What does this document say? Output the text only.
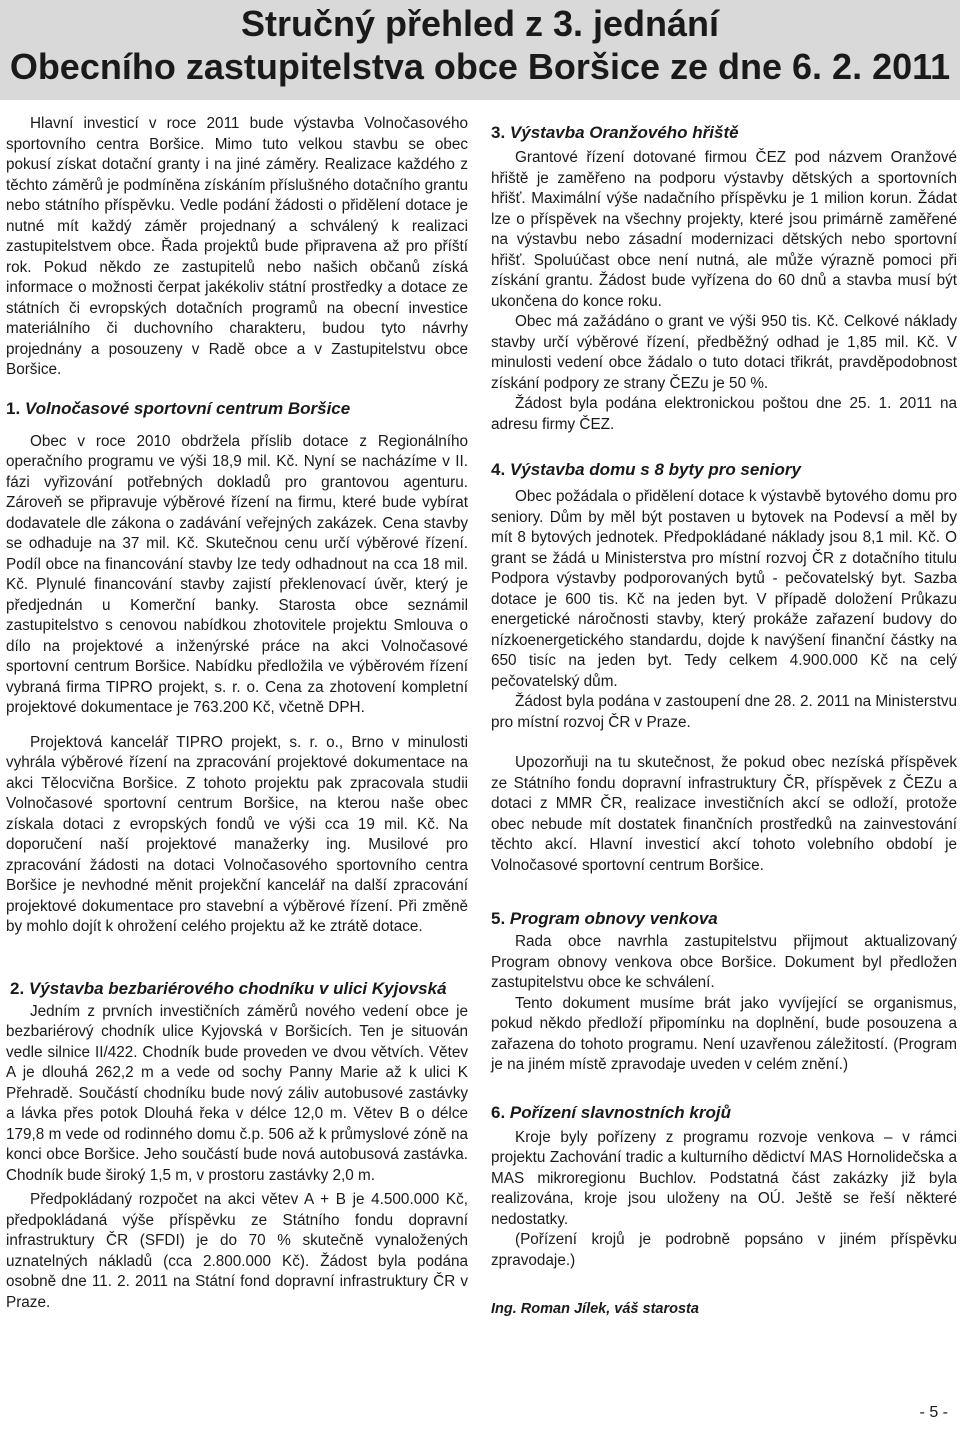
Stručný přehled z 3. jednání
Obecního zastupitelstva obce Boršice ze dne 6. 2. 2011

Hlavní investicí v roce 2011 bude výstavba Volnočasového sportovního centra Boršice. Mimo tuto velkou stavbu se obec pokusí získat dotační granty i na jiné záměry. Realizace každého z těchto záměrů je podmíněna získáním příslušného dotačního grantu nebo státního příspěvku. Vedle podání žádosti o přidělení dotace je nutné mít každý záměr projednaný a schválený k realizaci zastupitelstvem obce. Řada projektů bude připravena až pro příští rok. Pokud někdo ze zastupitelů nebo našich občanů získá informace o možnosti čerpat jakékoliv státní prostředky a dotace ze státních či evropských dotačních programů na obecní investice materiálního či duchovního charakteru, budou tyto návrhy projednány a posouzeny v Radě obce a v Zastupitelstvu obce Boršice.

1. Volnočasové sportovní centrum Boršice

Obec v roce 2010 obdržela příslib dotace z Regionálního operačního programu ve výši 18,9 mil. Kč. Nyní se nacházíme v II. fázi vyřizování potřebných dokladů pro grantovou agenturu. Zároveň se připravuje výběrové řízení na firmu, které bude vybírat dodavatele dle zákona o zadávání veřejných zakázek. Cena stavby se odhaduje na 37 mil. Kč. Skutečnou cenu určí výběrové řízení. Podíl obce na financování stavby lze tedy odhadnout na cca 18 mil. Kč. Plynulé financování stavby zajistí překlenovací úvěr, který je předjednán u Komerční banky. Starosta obce seznámil zastupitelstvo s cenovou nabídkou zhotovitele projektu Smlouva o dílo na projektové a inženýrské práce na akci Volnočasové sportovní centrum Boršice. Nabídku předložila ve výběrovém řízení vybraná firma TIPRO projekt, s. r. o. Cena za zhotovení kompletní projektové dokumentace je 763.200 Kč, včetně DPH.

Projektová kancelář TIPRO projekt, s. r. o., Brno v minulosti vyhrála výběrové řízení na zpracování projektové dokumentace na akci Tělocvična Boršice. Z tohoto projektu pak zpracovala studii Volnočasové sportovní centrum Boršice, na kterou naše obec získala dotaci z evropských fondů ve výši cca 19 mil. Kč. Na doporučení naší projektové manažerky ing. Musilové pro zpracování žádosti na dotaci Volnočasového sportovního centra Boršice je nevhodné měnit projekční kancelář na další zpracování projektové dokumentace pro stavební a výběrové řízení. Při změně by mohlo dojít k ohrožení celého projektu až ke ztrátě dotace.

2. Výstavba bezbariérového chodníku v ulici Kyjovská

Jedním z prvních investičních záměrů nového vedení obce je bezbariérový chodník ulice Kyjovská v Boršicích. Ten je situován vedle silnice II/422. Chodník bude proveden ve dvou větvích. Větev A je dlouhá 262,2 m a vede od sochy Panny Marie až k ulici K Přehradě. Součástí chodníku bude nový záliv autobusové zastávky a lávka přes potok Dlouhá řeka v délce 12,0 m. Větev B o délce 179,8 m vede od rodinného domu č.p. 506 až k průmyslové zóně na konci obce Boršice. Jeho součástí bude nová autobusová zastávka. Chodník bude široký 1,5 m, v prostoru zastávky 2,0 m.

Předpokládaný rozpočet na akci větev A + B je 4.500.000 Kč, předpokládaná výše příspěvku ze Státního fondu dopravní infrastruktury ČR (SFDI) je do 70 % skutečně vynaložených uznatelných nákladů (cca 2.800.000 Kč). Žádost byla podána osobně dne 11. 2. 2011 na Státní fond dopravní infrastruktury ČR v Praze.

3. Výstavba Oranžového hřiště

Grantové řízení dotované firmou ČEZ pod názvem Oranžové hřiště je zaměřeno na podporu výstavby dětských a sportovních hřišť. Maximální výše nadačního příspěvku je 1 milion korun. Žádat lze o příspěvek na všechny projekty, které jsou primárně zaměřené na výstavbu nebo zásadní modernizaci dětských nebo sportovní hřišť. Spoluúčast obce není nutná, ale může výrazně pomoci při získání grantu. Žádost bude vyřízena do 60 dnů a stavba musí být ukončena do konce roku.

Obec má zažádáno o grant ve výši 950 tis. Kč. Celkové náklady stavby určí výběrové řízení, předběžný odhad je 1,85 mil. Kč. V minulosti vedení obce žádalo o tuto dotaci třikrát, pravděpodobnost získání podpory ze strany ČEZu je 50 %.

Žádost byla podána elektronickou poštou dne 25. 1. 2011 na adresu firmy ČEZ.

4. Výstavba domu s 8 byty pro seniory

Obec požádala o přidělení dotace k výstavbě bytového domu pro seniory. Dům by měl být postaven u bytovek na Podevsí a měl by mít 8 bytových jednotek. Předpokládané náklady jsou 8,1 mil. Kč. O grant se žádá u Ministerstva pro místní rozvoj ČR z dotačního titulu Podpora výstavby podporovaných bytů - pečovatelský byt. Sazba dotace je 600 tis. Kč na jeden byt. V případě doložení Průkazu energetické náročnosti stavby, který prokáže zařazení budovy do nízkoenergetického standardu, dojde k navýšení finanční částky na 650 tisíc na jeden byt. Tedy celkem 4.900.000 Kč na celý pečovatelský dům.

Žádost byla podána v zastoupení dne 28. 2. 2011 na Ministerstvu pro místní rozvoj ČR v Praze.

Upozorňuji na tu skutečnost, že pokud obec nezíská příspěvek ze Státního fondu dopravní infrastruktury ČR, příspěvek z ČEZu a dotaci z MMR ČR, realizace investičních akcí se odloží, protože obec nebude mít dostatek finančních prostředků na zainvestování těchto akcí. Hlavní investicí akcí tohoto volebního období je Volnočasové sportovní centrum Boršice.

5. Program obnovy venkova

Rada obce navrhla zastupitelstvu přijmout aktualizovaný Program obnovy venkova obce Boršice. Dokument byl předložen zastupitelstvu obce ke schválení.

Tento dokument musíme brát jako vyvíjející se organismus, pokud někdo předloží připomínku na doplnění, bude posouzena a zařazena do tohoto programu. Není uzavřenou záležitostí. (Program je na jiném místě zpravodaje uveden v celém znění.)

6. Pořízení slavnostních krojů

Kroje byly pořízeny z programu rozvoje venkova – v rámci projektu Zachování tradic a kulturního dědictví MAS Hornolidečska a MAS mikroregionu Buchlov. Podstatná část zakázky již byla realizována, kroje jsou uloženy na OÚ. Ještě se řeší některé nedostatky.

(Pořízení krojů je podrobně popsáno v jiném příspěvku zpravodaje.)

Ing. Roman Jílek, váš starosta

- 5 -
